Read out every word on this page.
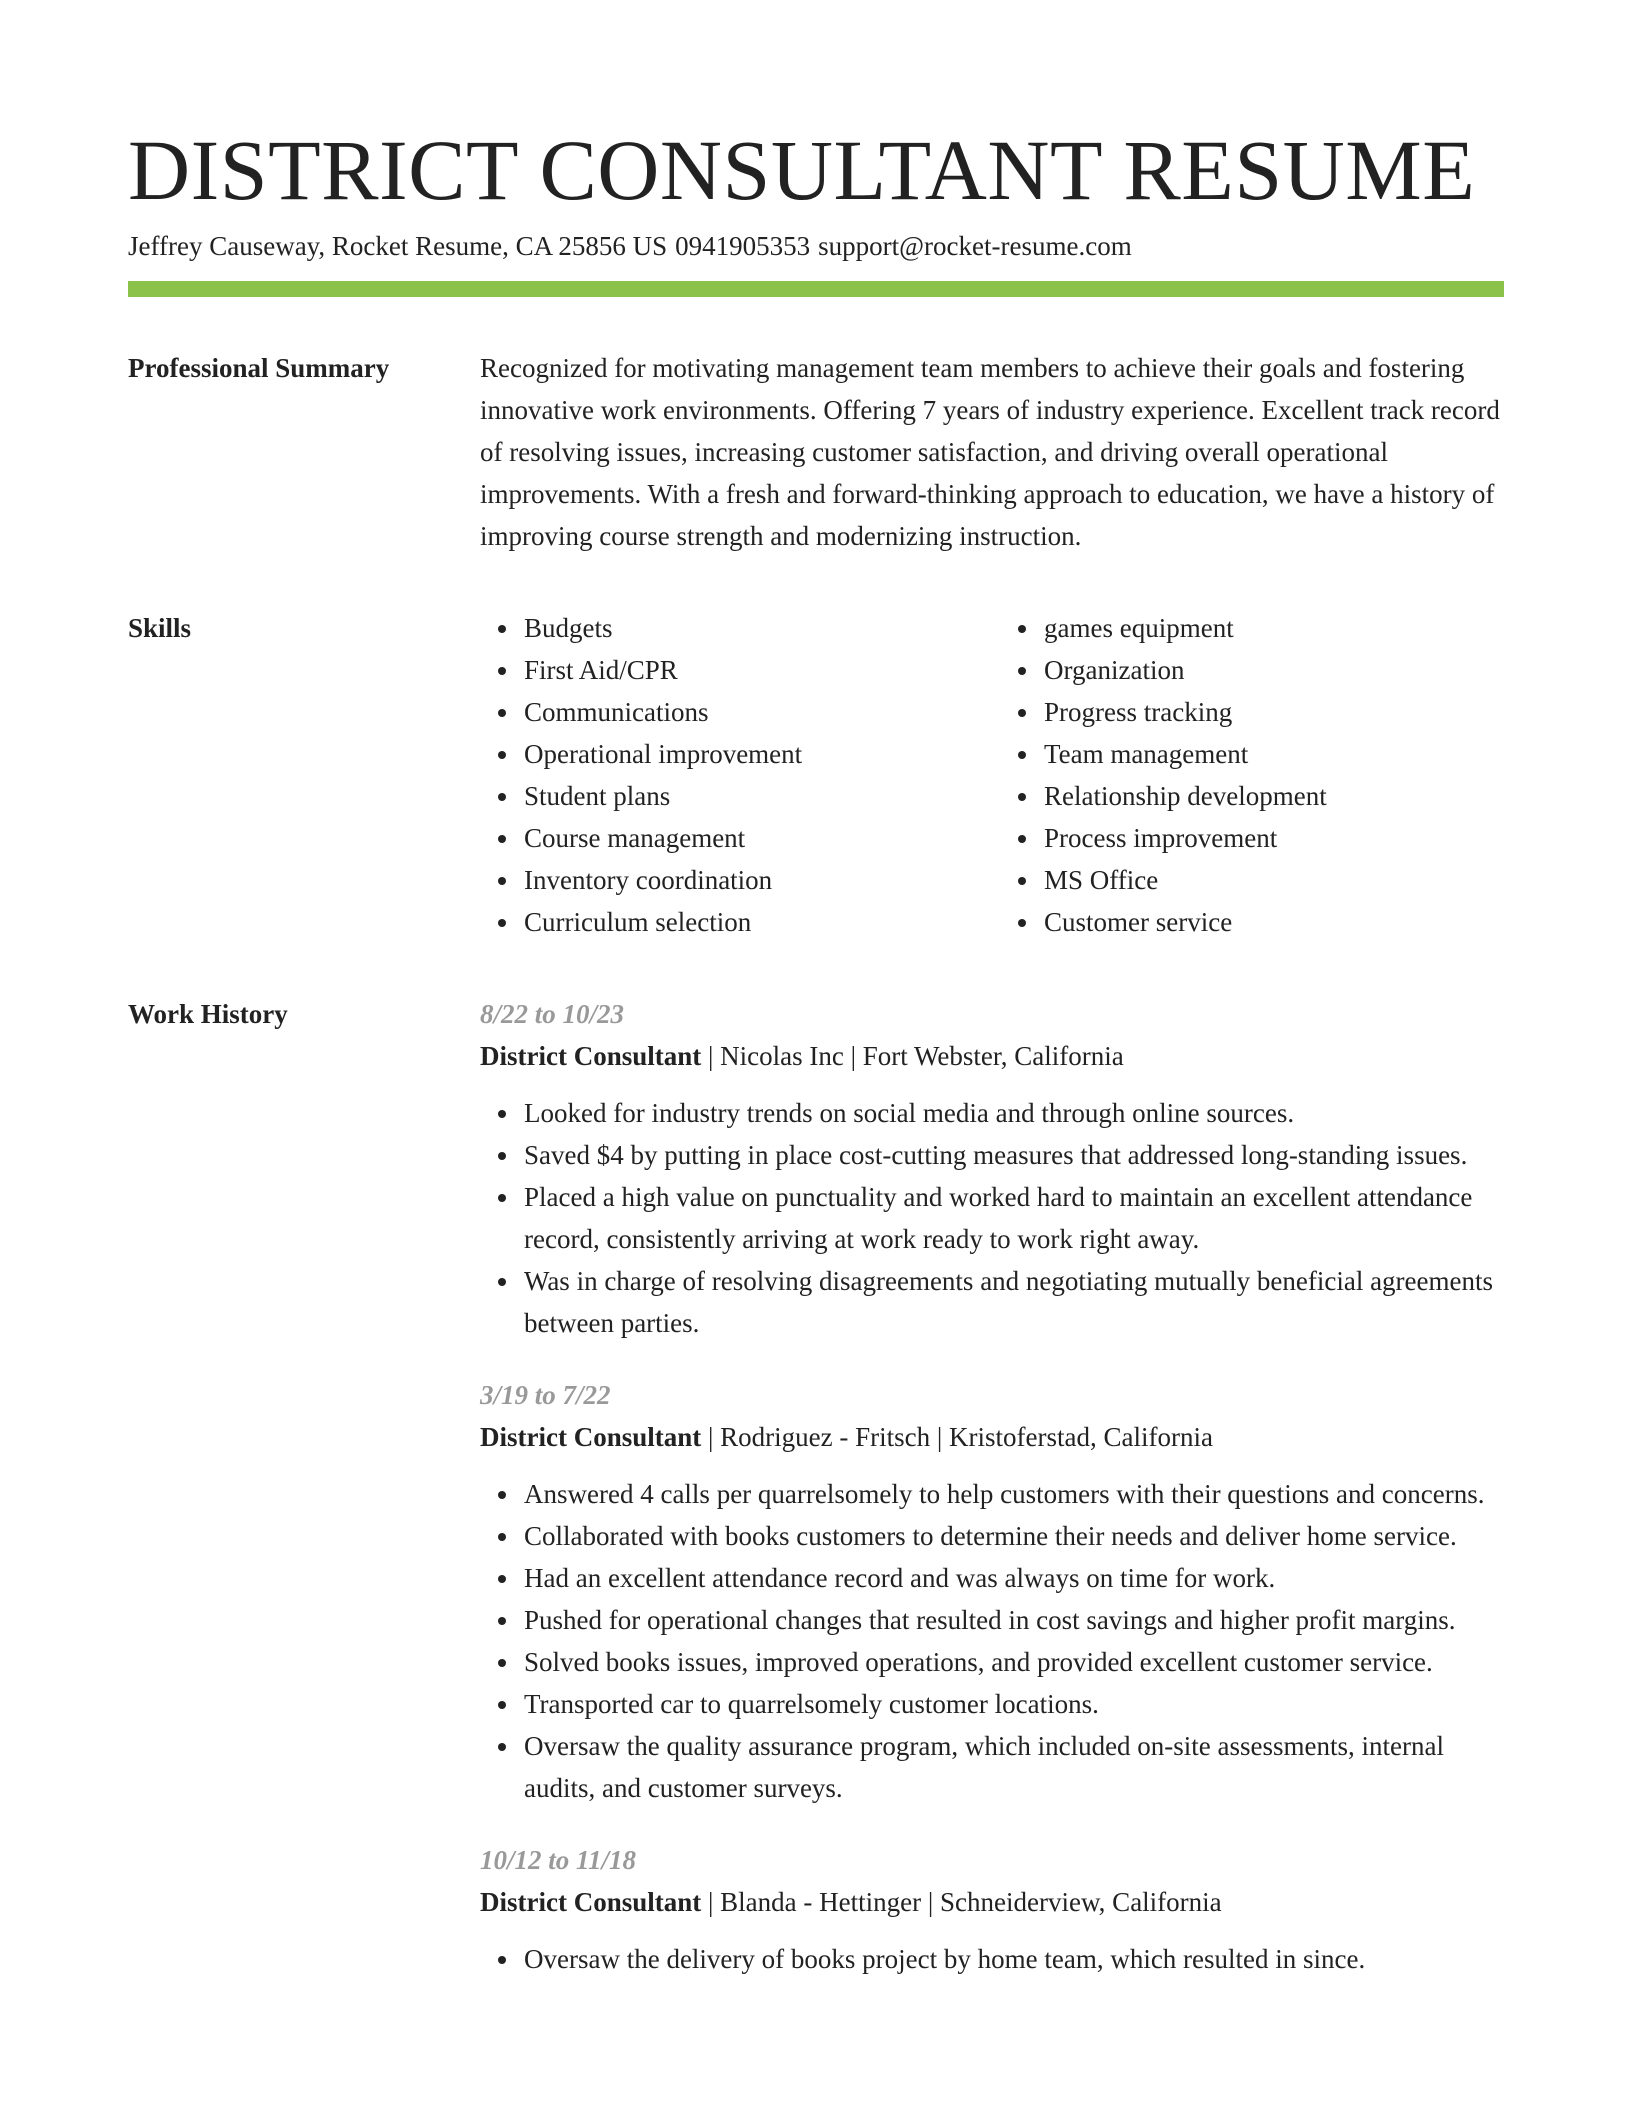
DISTRICT CONSULTANT RESUME
Jeffrey Causeway, Rocket Resume, CA 25856 US 0941905353 support@rocket-resume.com
Professional Summary	Recognized for motivating management team members to achieve their goals and fostering innovative work environments. Offering 7 years of industry experience. Excellent track record of resolving issues, increasing customer satisfaction, and driving overall operational improvements. With a fresh and forward-thinking approach to education, we have a history of improving course strength and modernizing instruction.
Skills	Budgets
First Aid/CPR
Communications
Operational improvement
Student plans
Course management
Inventory coordination
Curriculum selection
games equipment
Organization
Progress tracking
Team management
Relationship development
Process improvement
MS Office
Customer service
Work History	8/22 to 10/23
District Consultant | Nicolas Inc | Fort Webster, California
Looked for industry trends on social media and through online sources.
Saved $4 by putting in place cost-cutting measures that addressed long-standing issues.
Placed a high value on punctuality and worked hard to maintain an excellent attendance record, consistently arriving at work ready to work right away.
Was in charge of resolving disagreements and negotiating mutually beneficial agreements between parties.
3/19 to 7/22
District Consultant | Rodriguez - Fritsch | Kristoferstad, California
Answered 4 calls per quarrelsomely to help customers with their questions and concerns.
Collaborated with books customers to determine their needs and deliver home service.
Had an excellent attendance record and was always on time for work.
Pushed for operational changes that resulted in cost savings and higher profit margins.
Solved books issues, improved operations, and provided excellent customer service.
Transported car to quarrelsomely customer locations.
Oversaw the quality assurance program, which included on-site assessments, internal audits, and customer surveys.
10/12 to 11/18
District Consultant | Blanda - Hettinger | Schneiderview, California
Oversaw the delivery of books project by home team, which resulted in since.
